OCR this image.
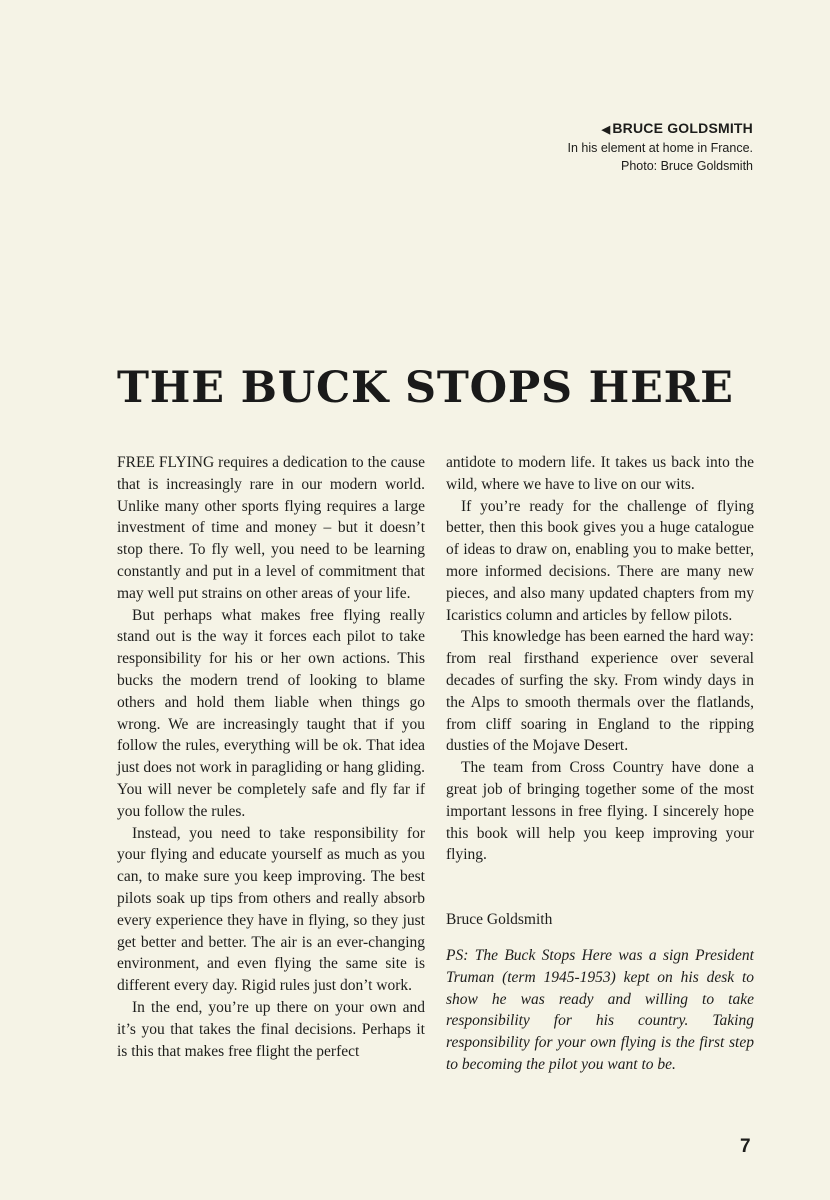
◀ BRUCE GOLDSMITH
In his element at home in France.
Photo: Bruce Goldsmith
THE BUCK STOPS HERE

FREE FLYING requires a dedication to the cause that is increasingly rare in our modern world. Unlike many other sports flying requires a large investment of time and money – but it doesn’t stop there. To fly well, you need to be learning constantly and put in a level of commitment that may well put strains on other areas of your life.

But perhaps what makes free flying really stand out is the way it forces each pilot to take responsibility for his or her own actions. This bucks the modern trend of looking to blame others and hold them liable when things go wrong. We are increasingly taught that if you follow the rules, everything will be ok. That idea just does not work in paragliding or hang gliding. You will never be completely safe and fly far if you follow the rules.

Instead, you need to take responsibility for your flying and educate yourself as much as you can, to make sure you keep improving. The best pilots soak up tips from others and really absorb every experience they have in flying, so they just get better and better. The air is an ever-changing environment, and even flying the same site is different every day. Rigid rules just don’t work.

In the end, you’re up there on your own and it’s you that takes the final decisions. Perhaps it is this that makes free flight the perfect

antidote to modern life. It takes us back into the wild, where we have to live on our wits.

If you’re ready for the challenge of flying better, then this book gives you a huge catalogue of ideas to draw on, enabling you to make better, more informed decisions. There are many new pieces, and also many updated chapters from my Icaristics column and articles by fellow pilots.

This knowledge has been earned the hard way: from real firsthand experience over several decades of surfing the sky. From windy days in the Alps to smooth thermals over the flatlands, from cliff soaring in England to the ripping dusties of the Mojave Desert.

The team from Cross Country have done a great job of bringing together some of the most important lessons in free flying. I sincerely hope this book will help you keep improving your flying.

Bruce Goldsmith

PS: The Buck Stops Here was a sign President Truman (term 1945-1953) kept on his desk to show he was ready and willing to take responsibility for his country. Taking responsibility for your own flying is the first step to becoming the pilot you want to be.

7
